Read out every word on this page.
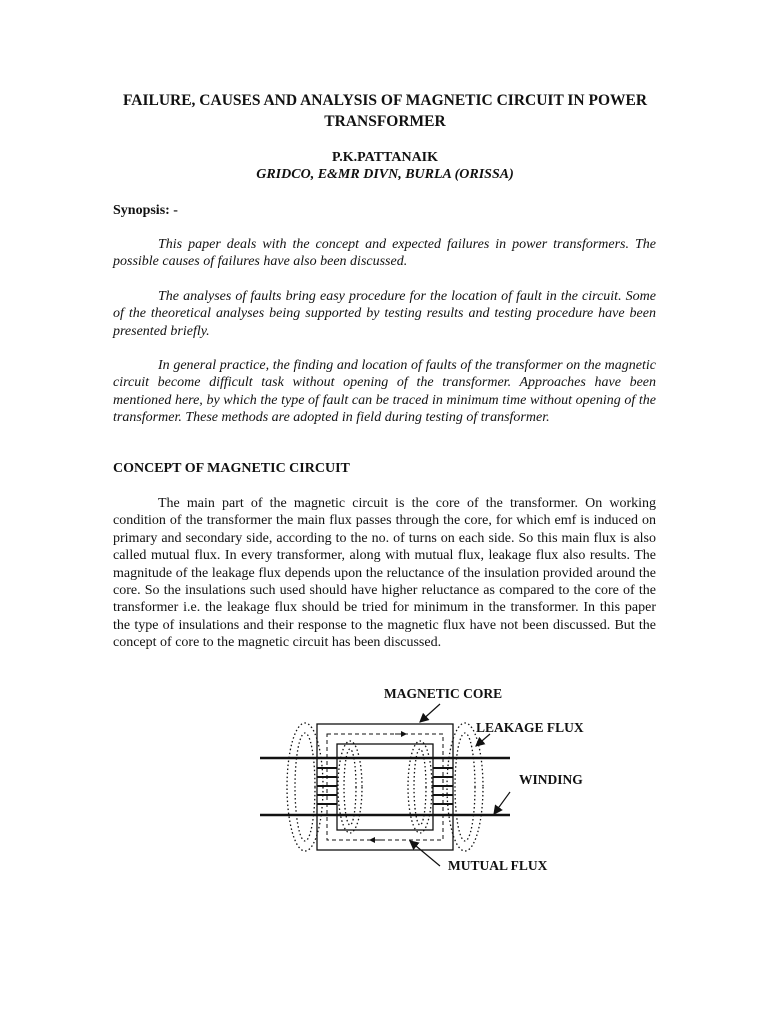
FAILURE, CAUSES AND ANALYSIS OF MAGNETIC CIRCUIT IN POWER TRANSFORMER
P.K.PATTANAIK
GRIDCO, E&MR DIVN, BURLA (ORISSA)
Synopsis: -

This paper deals with the concept and expected failures in power transformers. The possible causes of failures have also been discussed.

The analyses of faults bring easy procedure for the location of fault in the circuit. Some of the theoretical analyses being supported by testing results and testing procedure have been presented briefly.

In general practice, the finding and location of faults of the transformer on the magnetic circuit become difficult task without opening of the transformer. Approaches have been mentioned here, by which the type of fault can be traced in minimum time without opening of the transformer. These methods are adopted in field during testing of transformer.

CONCEPT OF MAGNETIC CIRCUIT

The main part of the magnetic circuit is the core of the transformer. On working condition of the transformer the main flux passes through the core, for which emf is induced on primary and secondary side, according to the no. of turns on each side. So this main flux is also called mutual flux. In every transformer, along with mutual flux, leakage flux also results. The magnitude of the leakage flux depends upon the reluctance of the insulation provided around the core. So the insulations such used should have higher reluctance as compared to the core of the transformer i.e. the leakage flux should be tried for minimum in the transformer. In this paper the type of insulations and their response to the magnetic flux have not been discussed. But the concept of core to the magnetic circuit has been discussed.

MAGNETIC CORE
LEAKAGE FLUX
WINDING
MUTUAL FLUX
